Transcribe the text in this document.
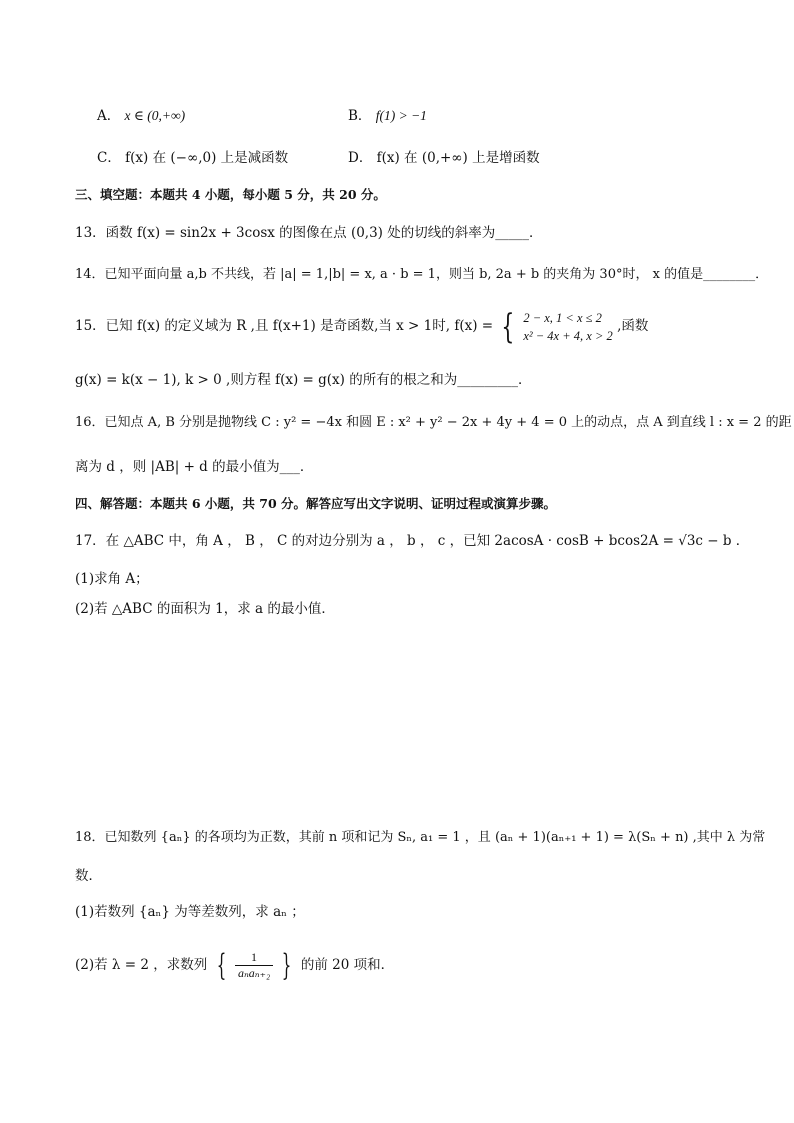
A． x ∈ (0,+∞)	B． f(1) > −1
C． f(x) 在 (−∞,0) 上是减函数	D． f(x) 在 (0,+∞) 上是增函数
三、填空题：本题共 4 小题，每小题 5 分，共 20 分。
13．函数 f(x) = sin2x + 3cosx 的图像在点 (0,3) 处的切线的斜率为_____．
14．已知平面向量 a,b 不共线，若 |a| = 1,|b| = x, a · b = 1，则当 b, 2a + b 的夹角为 30°时， x 的值是________．
15．已知 f(x) 的定义域为 R ,且 f(x+1) 是奇函数,当 x > 1时, f(x) = { 2 − x, 1 < x ≤ 2
x² − 4x + 4, x > 2
,函数
g(x) = k(x − 1), k > 0 ,则方程 f(x) = g(x) 的所有的根之和为_________．
16．已知点 A, B 分别是抛物线 C : y² = −4x 和圆 E : x² + y² − 2x + 4y + 4 = 0 上的动点，点 A 到直线 l : x = 2 的距
离为 d ，则 |AB| + d 的最小值为___．
四、解答题：本题共 6 小题，共 70 分。解答应写出文字说明、证明过程或演算步骤。
17．在 △ABC 中，角 A ， B ， C 的对边分别为 a ， b ， c ，已知 2acosA · cosB + bcos2A = √3c − b ．
(1)求角 A；
(2)若 △ABC 的面积为 1，求 a 的最小值．
18．已知数列 {aₙ} 的各项均为正数，其前 n 项和记为 Sₙ, a₁ = 1 ，且 (aₙ + 1)(aₙ₊₁ + 1) = λ(Sₙ + n) ,其中 λ 为常
数．
(1)若数列 {aₙ} 为等差数列，求 aₙ ；
(2)若 λ = 2 ，求数列 { $\frac{1}{\text{aₙaₙ₊₂}}$ } 的前 20 项和．
